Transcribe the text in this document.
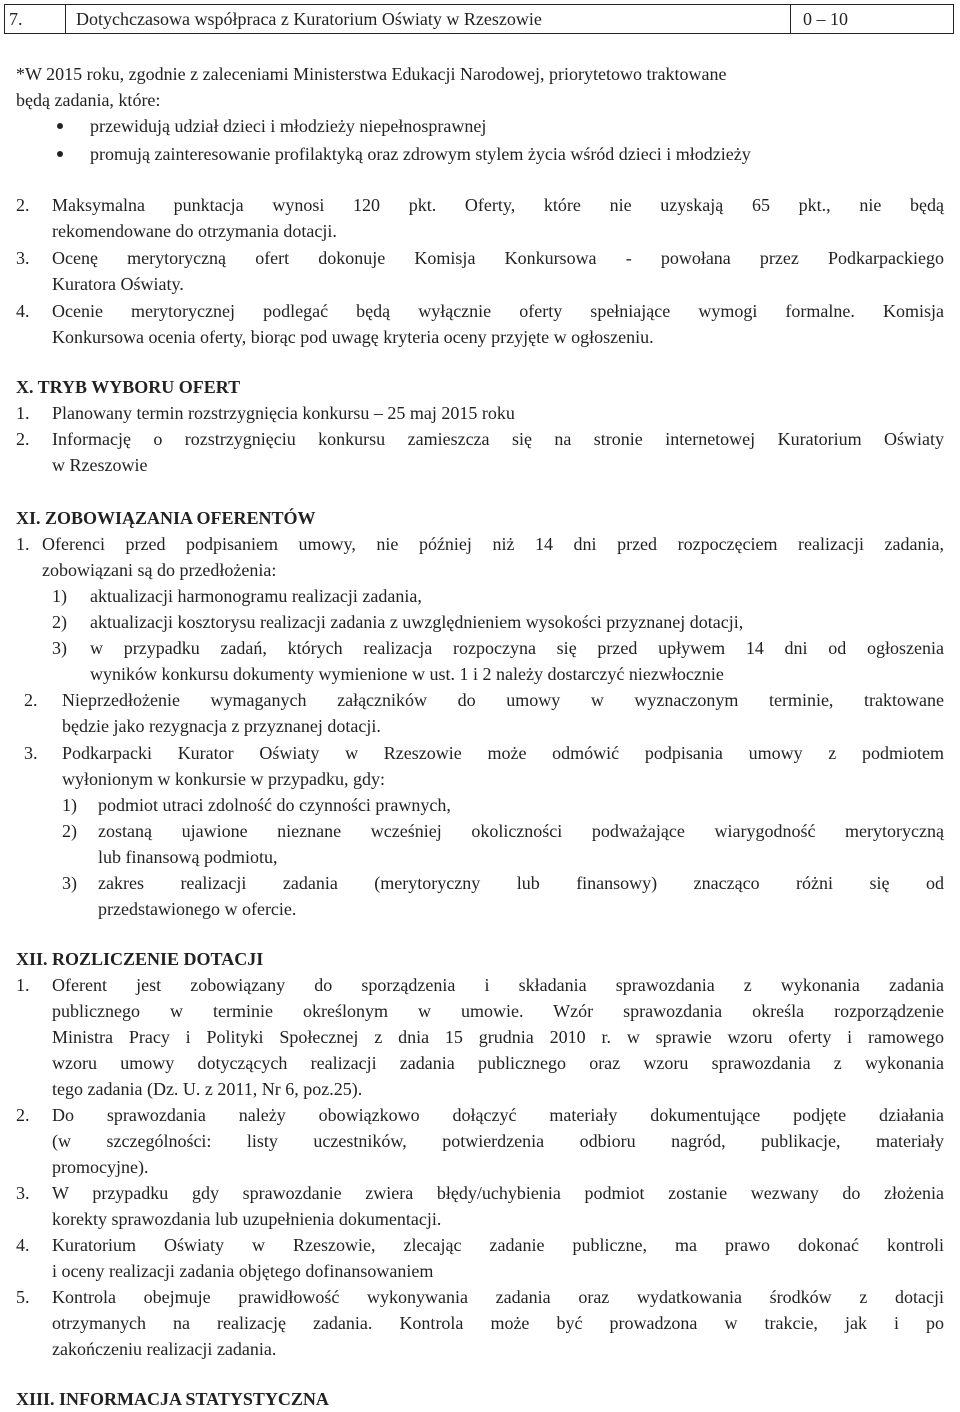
7.	Dotychczasowa współpraca z Kuratorium Oświaty w Rzeszowie	0 – 10
*W 2015 roku, zgodnie z zaleceniami Ministerstwa Edukacji Narodowej, priorytetowo traktowane
będą zadania, które:
przewidują udział dzieci i młodzieży niepełnosprawnej
promują zainteresowanie profilaktyką oraz zdrowym stylem życia wśród dzieci i młodzieży
2.	Maksymalna punktacja wynosi 120 pkt. Oferty, które nie uzyskają 65 pkt., nie będą
rekomendowane do otrzymania dotacji.
3.	Ocenę merytoryczną ofert dokonuje Komisja Konkursowa - powołana przez Podkarpackiego
Kuratora Oświaty.
4.	Ocenie merytorycznej podlegać będą wyłącznie oferty spełniające wymogi formalne. Komisja
Konkursowa ocenia oferty, biorąc pod uwagę kryteria oceny przyjęte w ogłoszeniu.
X. TRYB WYBORU OFERT
1.	Planowany termin rozstrzygnięcia konkursu – 25 maj 2015 roku
2.	Informację o rozstrzygnięciu konkursu zamieszcza się na stronie internetowej Kuratorium Oświaty
w Rzeszowie
XI. ZOBOWIĄZANIA OFERENTÓW
1. Oferenci przed podpisaniem umowy, nie później niż 14 dni przed rozpoczęciem realizacji zadania,
zobowiązani są do przedłożenia:
1)	aktualizacji harmonogramu realizacji zadania,
2)	aktualizacji kosztorysu realizacji zadania z uwzględnieniem wysokości przyznanej dotacji,
3)	w przypadku zadań, których realizacja rozpoczyna się przed upływem 14 dni od ogłoszenia
wyników konkursu dokumenty wymienione w ust. 1 i 2 należy dostarczyć niezwłocznie
2.	Nieprzedłożenie wymaganych załączników do umowy w wyznaczonym terminie, traktowane
będzie jako rezygnacja z przyznanej dotacji.
3.	Podkarpacki Kurator Oświaty w Rzeszowie może odmówić podpisania umowy z podmiotem
wyłonionym w konkursie w przypadku, gdy:
1)	podmiot utraci zdolność do czynności prawnych,
2)	zostaną ujawione nieznane wcześniej okoliczności podważające wiarygodność merytoryczną
lub finansową podmiotu,
3)	zakres realizacji zadania (merytoryczny lub finansowy) znacząco różni się od
przedstawionego w ofercie.
XII. ROZLICZENIE DOTACJI
1.	Oferent jest zobowiązany do sporządzenia i składania sprawozdania z wykonania zadania
publicznego w terminie określonym w umowie. Wzór sprawozdania określa rozporządzenie
Ministra Pracy i Polityki Społecznej z dnia 15 grudnia 2010 r. w sprawie wzoru oferty i ramowego
wzoru umowy dotyczących realizacji zadania publicznego oraz wzoru sprawozdania z wykonania
tego zadania (Dz. U. z 2011, Nr 6, poz.25).
2.	Do sprawozdania należy obowiązkowo dołączyć materiały dokumentujące podjęte działania
(w szczególności: listy uczestników, potwierdzenia odbioru nagród, publikacje, materiały
promocyjne).
3.	W przypadku gdy sprawozdanie zwiera błędy/uchybienia podmiot zostanie wezwany do złożenia
korekty sprawozdania lub uzupełnienia dokumentacji.
4.	Kuratorium Oświaty w Rzeszowie, zlecając zadanie publiczne, ma prawo dokonać kontroli
i oceny realizacji zadania objętego dofinansowaniem
5.	Kontrola obejmuje prawidłowość wykonywania zadania oraz wydatkowania środków z dotacji
otrzymanych na realizację zadania. Kontrola może być prowadzona w trakcie, jak i po
zakończeniu realizacji zadania.
XIII. INFORMACJA STATYSTYCZNA
